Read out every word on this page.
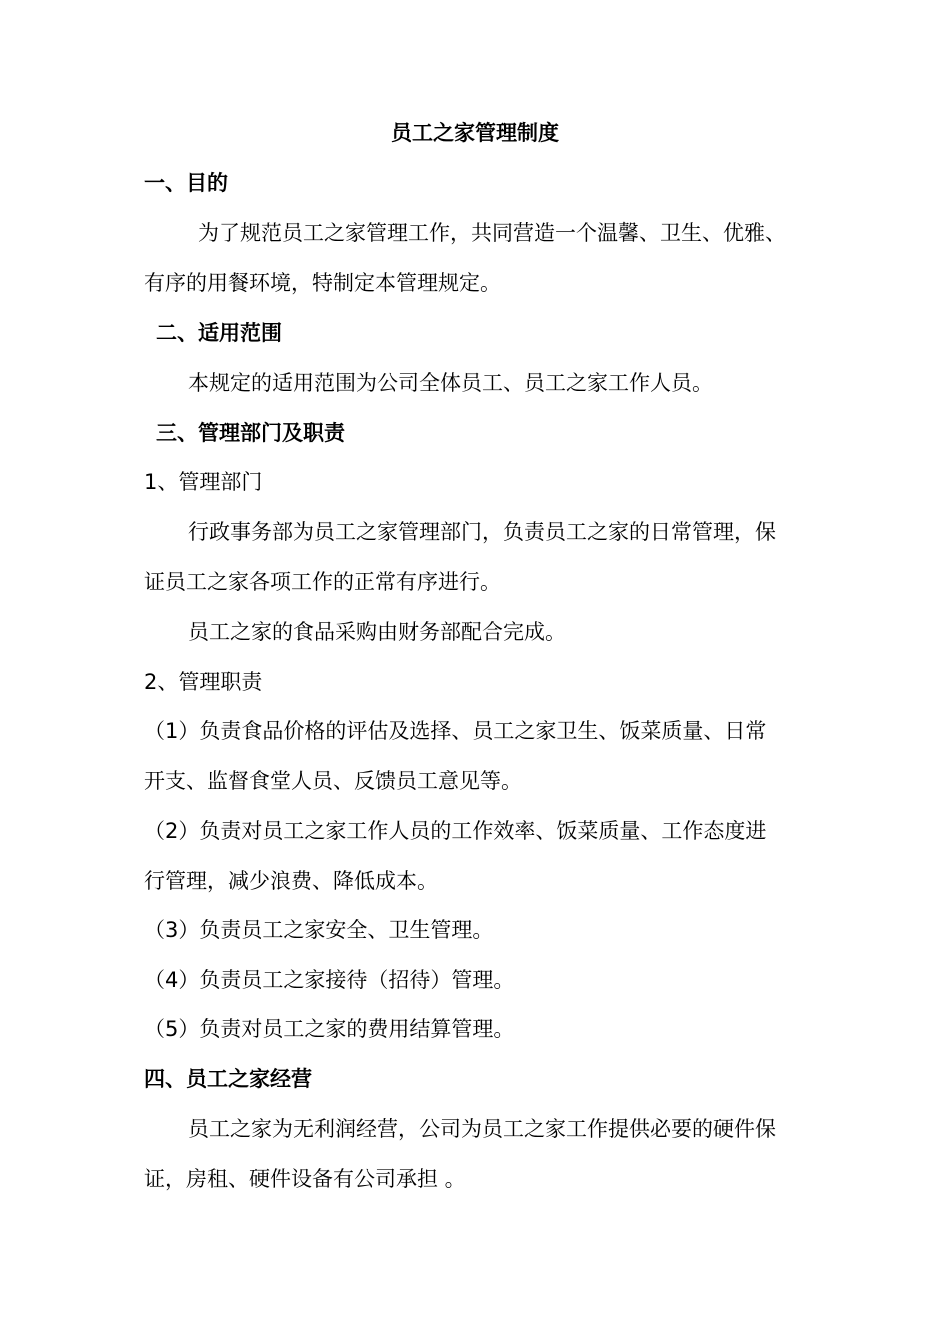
员工之家管理制度
一、目的
为了规范员工之家管理工作，共同营造一个温馨、卫生、优雅、
有序的用餐环境，特制定本管理规定。
二、适用范围
本规定的适用范围为公司全体员工、员工之家工作人员。
三、管理部门及职责
1、管理部门
行政事务部为员工之家管理部门，负责员工之家的日常管理，保
证员工之家各项工作的正常有序进行。
员工之家的食品采购由财务部配合完成。
2、管理职责
（1）负责食品价格的评估及选择、员工之家卫生、饭菜质量、日常
开支、监督食堂人员、反馈员工意见等。
（2）负责对员工之家工作人员的工作效率、饭菜质量、工作态度进
行管理，减少浪费、降低成本。
（3）负责员工之家安全、卫生管理。
（4）负责员工之家接待（招待）管理。
（5）负责对员工之家的费用结算管理。
四、员工之家经营
员工之家为无利润经营，公司为员工之家工作提供必要的硬件保
证，房租、硬件设备有公司承担 。
